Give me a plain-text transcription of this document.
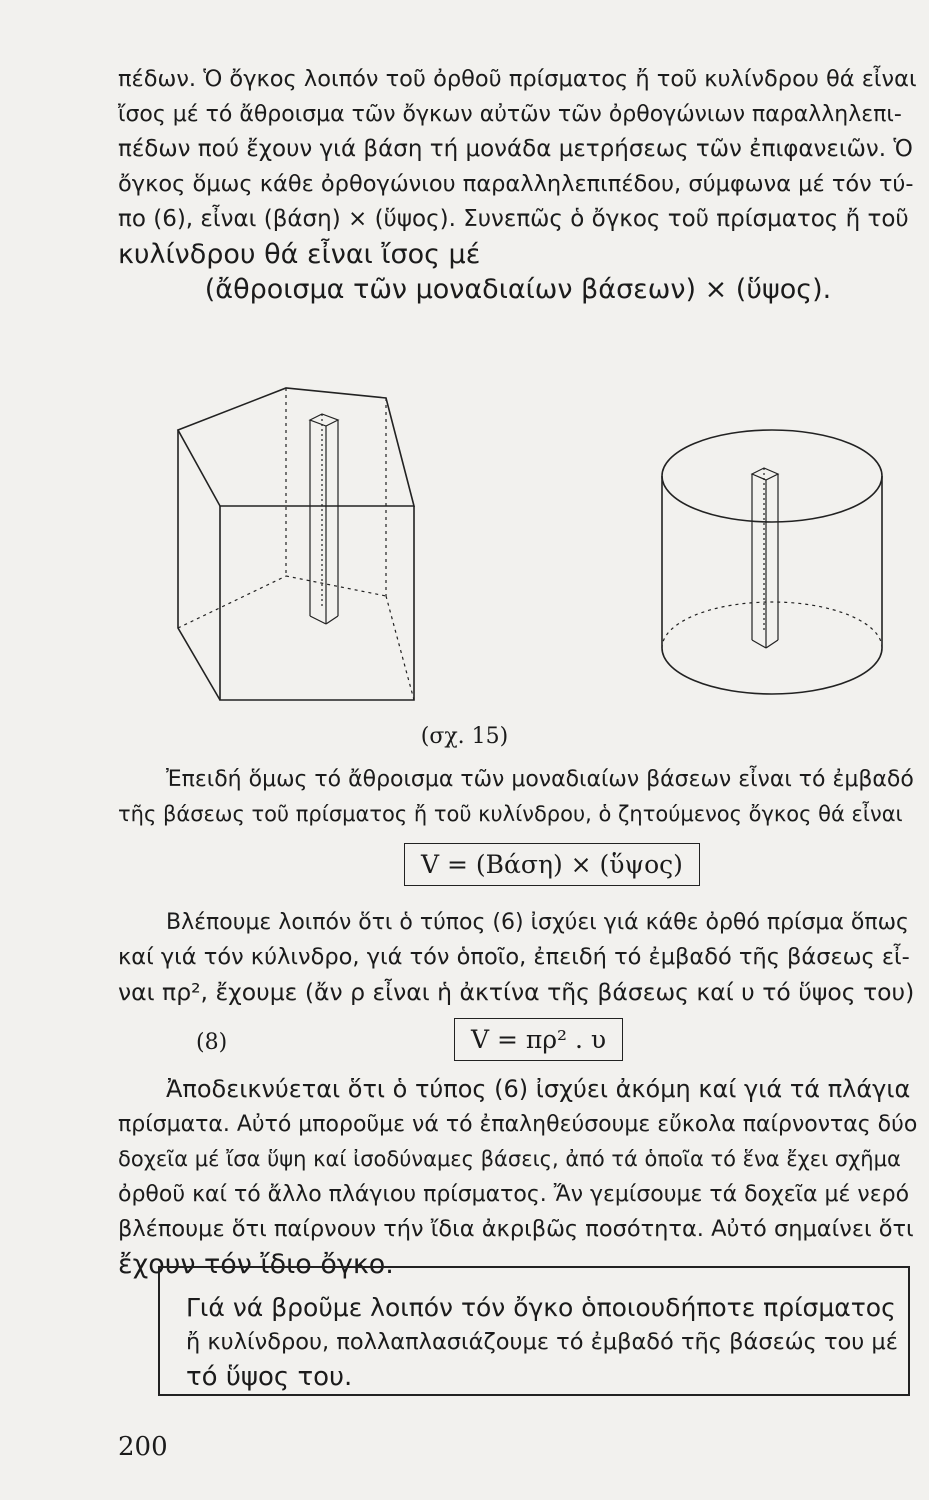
πέδων. Ὁ ὄγκος λοιπόν τοῦ ὀρθοῦ πρίσματος ἤ τοῦ κυλίνδρου θά εἶναι
ἴσος μέ τό ἄθροισμα τῶν ὄγκων αὐτῶν τῶν ὀρθογώνιων παραλληλεπι-
πέδων πού ἔχουν γιά βάση τή μονάδα μετρήσεως τῶν ἐπιφανειῶν. Ὁ
ὄγκος ὅμως κάθε ὀρθογώνιου παραλληλεπιπέδου, σύμφωνα μέ τόν τύ-
πο (6), εἶναι (βάση) × (ὕψος). Συνεπῶς ὁ ὄγκος τοῦ πρίσματος ἤ τοῦ
κυλίνδρου θά εἶναι ἴσος μέ
(ἄθροισμα τῶν μοναδιαίων βάσεων) × (ὕψος).
(σχ. 15)
Ἐπειδή ὅμως τό ἄθροισμα τῶν μοναδιαίων βάσεων εἶναι τό ἐμβαδό
τῆς βάσεως τοῦ πρίσματος ἤ τοῦ κυλίνδρου, ὁ ζητούμενος ὄγκος θά εἶναι
V = (Βάση) × (ὕψος)
Βλέπουμε λοιπόν ὅτι ὁ τύπος (6) ἰσχύει γιά κάθε ὀρθό πρίσμα ὅπως
καί γιά τόν κύλινδρο, γιά τόν ὁποῖο, ἐπειδή τό ἐμβαδό τῆς βάσεως εἶ-
ναι πρ², ἔχουμε (ἄν ρ εἶναι ἡ ἀκτίνα τῆς βάσεως καί υ τό ὕψος του)
(8)	V = πρ² . υ
Ἀποδεικνύεται ὅτι ὁ τύπος (6) ἰσχύει ἀκόμη καί γιά τά πλάγια
πρίσματα. Αὐτό μποροῦμε νά τό ἐπαληθεύσουμε εὔκολα παίρνοντας δύο
δοχεῖα μέ ἴσα ὕψη καί ἰσοδύναμες βάσεις, ἀπό τά ὁποῖα τό ἕνα ἔχει σχῆμα
ὀρθοῦ καί τό ἄλλο πλάγιου πρίσματος. Ἄν γεμίσουμε τά δοχεῖα μέ νερό
βλέπουμε ὅτι παίρνουν τήν ἴδια ἀκριβῶς ποσότητα. Αὐτό σημαίνει ὅτι
ἔχουν τόν ἴδιο ὄγκο.

Γιά νά βροῦμε λοιπόν τόν ὄγκο ὁποιουδήποτε πρίσματος
ἤ κυλίνδρου, πολλαπλασιάζουμε τό ἐμβαδό τῆς βάσεώς του μέ
τό ὕψος του.

200
